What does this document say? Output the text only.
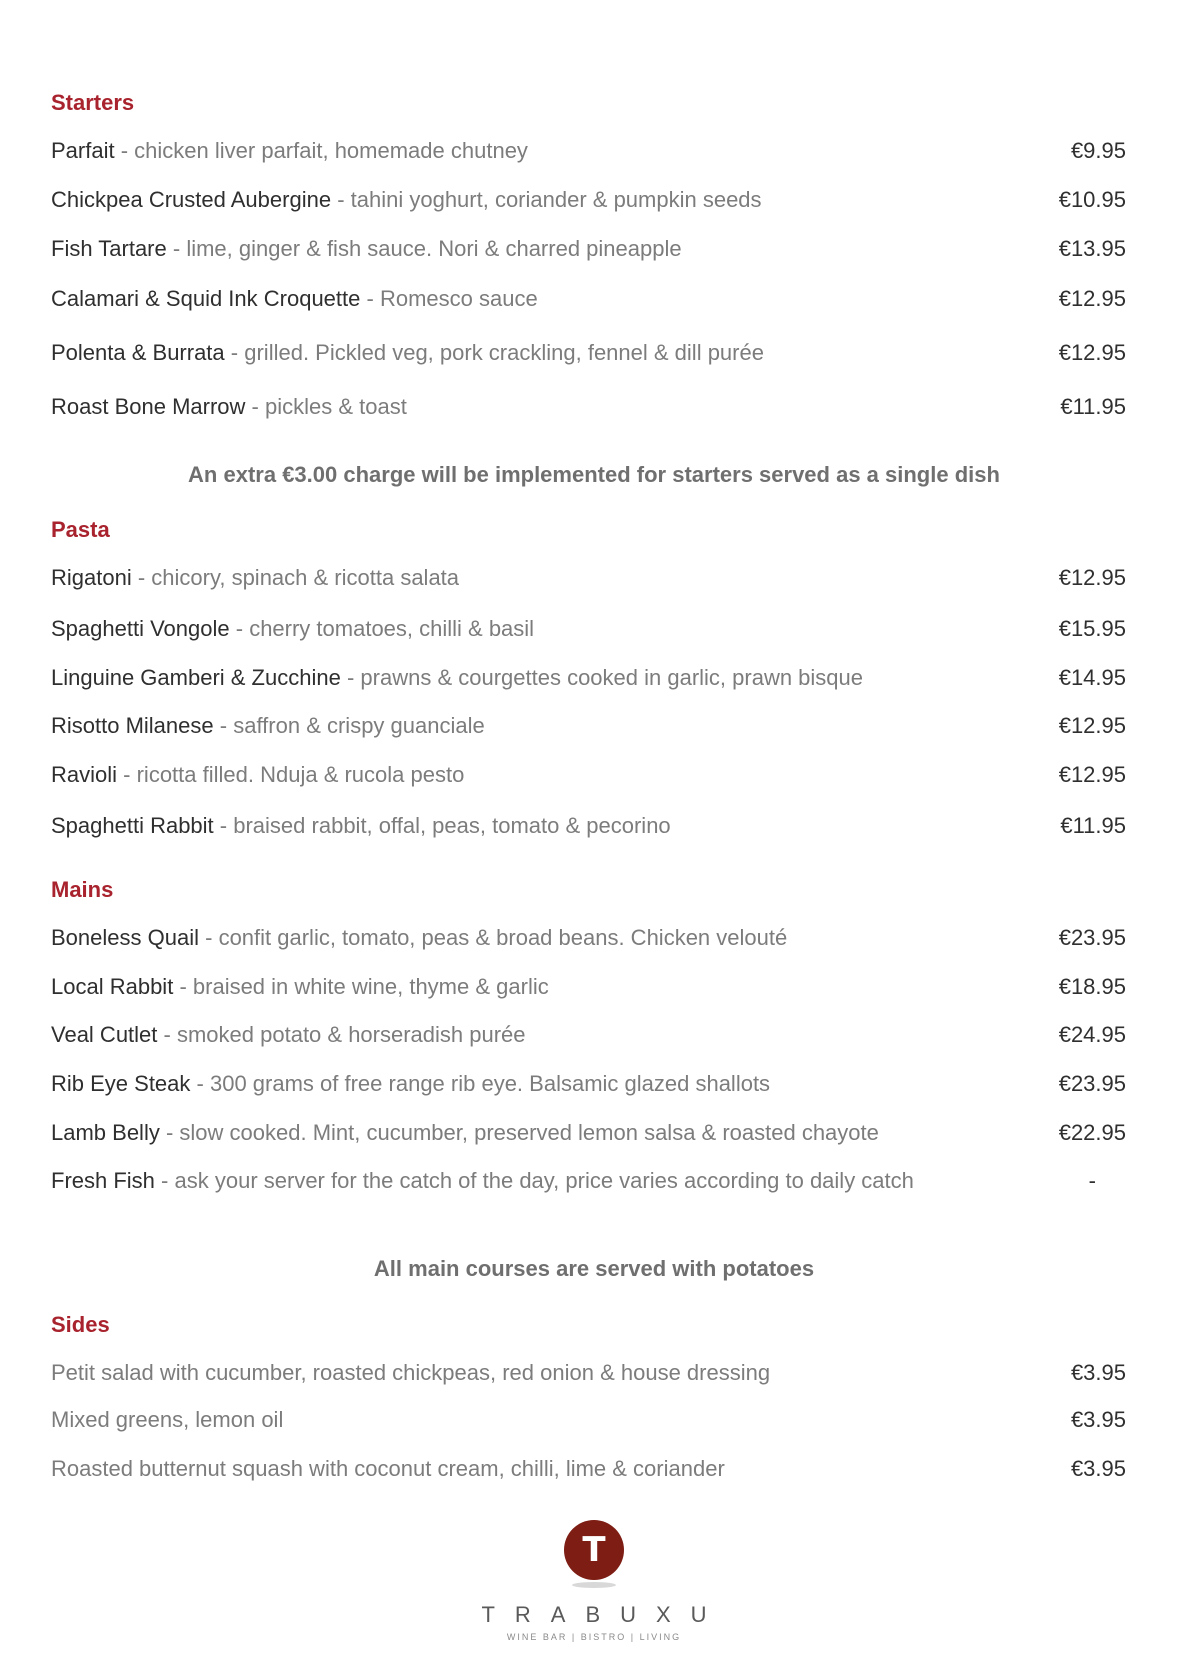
Starters
Parfait - chicken liver parfait, homemade chutney	€9.95
Chickpea Crusted Aubergine - tahini yoghurt, coriander & pumpkin seeds	€10.95
Fish Tartare - lime, ginger & fish sauce. Nori & charred pineapple	€13.95
Calamari & Squid Ink Croquette - Romesco sauce	€12.95
Polenta & Burrata - grilled. Pickled veg, pork crackling, fennel & dill purée	€12.95
Roast Bone Marrow - pickles & toast	€11.95
An extra €3.00 charge will be implemented for starters served as a single dish
Pasta
Rigatoni - chicory, spinach & ricotta salata	€12.95
Spaghetti Vongole - cherry tomatoes, chilli & basil	€15.95
Linguine Gamberi & Zucchine - prawns & courgettes cooked in garlic, prawn bisque	€14.95
Risotto Milanese - saffron & crispy guanciale	€12.95
Ravioli - ricotta filled. Nduja & rucola pesto	€12.95
Spaghetti Rabbit - braised rabbit, offal, peas, tomato & pecorino	€11.95
Mains
Boneless Quail - confit garlic, tomato, peas & broad beans. Chicken velouté	€23.95
Local Rabbit - braised in white wine, thyme & garlic	€18.95
Veal Cutlet - smoked potato & horseradish purée	€24.95
Rib Eye Steak - 300 grams of free range rib eye. Balsamic glazed shallots	€23.95
Lamb Belly - slow cooked. Mint, cucumber, preserved lemon salsa & roasted chayote	€22.95
Fresh Fish - ask your server for the catch of the day, price varies according to daily catch	-
All main courses are served with potatoes
Sides
Petit salad with cucumber, roasted chickpeas, red onion & house dressing	€3.95
Mixed greens, lemon oil	€3.95
Roasted butternut squash with coconut cream, chilli, lime & coriander	€3.95
T
TRABUXU
WINE BAR | BISTRO | LIVING
